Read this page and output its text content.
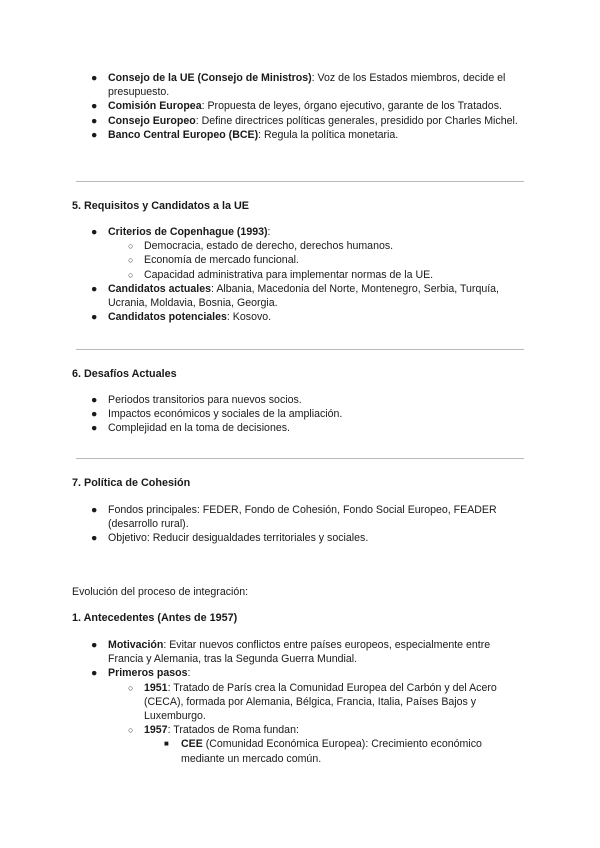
● Consejo de la UE (Consejo de Ministros): Voz de los Estados miembros, decide el presupuesto.
● Comisión Europea: Propuesta de leyes, órgano ejecutivo, garante de los Tratados.
● Consejo Europeo: Define directrices políticas generales, presidido por Charles Michel.
● Banco Central Europeo (BCE): Regula la política monetaria.
5. Requisitos y Candidatos a la UE
● Criterios de Copenhague (1993):
○ Democracia, estado de derecho, derechos humanos.
○ Economía de mercado funcional.
○ Capacidad administrativa para implementar normas de la UE.
● Candidatos actuales: Albania, Macedonia del Norte, Montenegro, Serbia, Turquía, Ucrania, Moldavia, Bosnia, Georgia.
● Candidatos potenciales: Kosovo.
6. Desafíos Actuales
● Periodos transitorios para nuevos socios.
● Impactos económicos y sociales de la ampliación.
● Complejidad en la toma de decisiones.
7. Política de Cohesión
● Fondos principales: FEDER, Fondo de Cohesión, Fondo Social Europeo, FEADER (desarrollo rural).
● Objetivo: Reducir desigualdades territoriales y sociales.
Evolución del proceso de integración:
1. Antecedentes (Antes de 1957)
● Motivación: Evitar nuevos conflictos entre países europeos, especialmente entre Francia y Alemania, tras la Segunda Guerra Mundial.
● Primeros pasos:
○ 1951: Tratado de París crea la Comunidad Europea del Carbón y del Acero (CECA), formada por Alemania, Bélgica, Francia, Italia, Países Bajos y Luxemburgo.
○ 1957: Tratados de Roma fundan:
■ CEE (Comunidad Económica Europea): Crecimiento económico mediante un mercado común.
